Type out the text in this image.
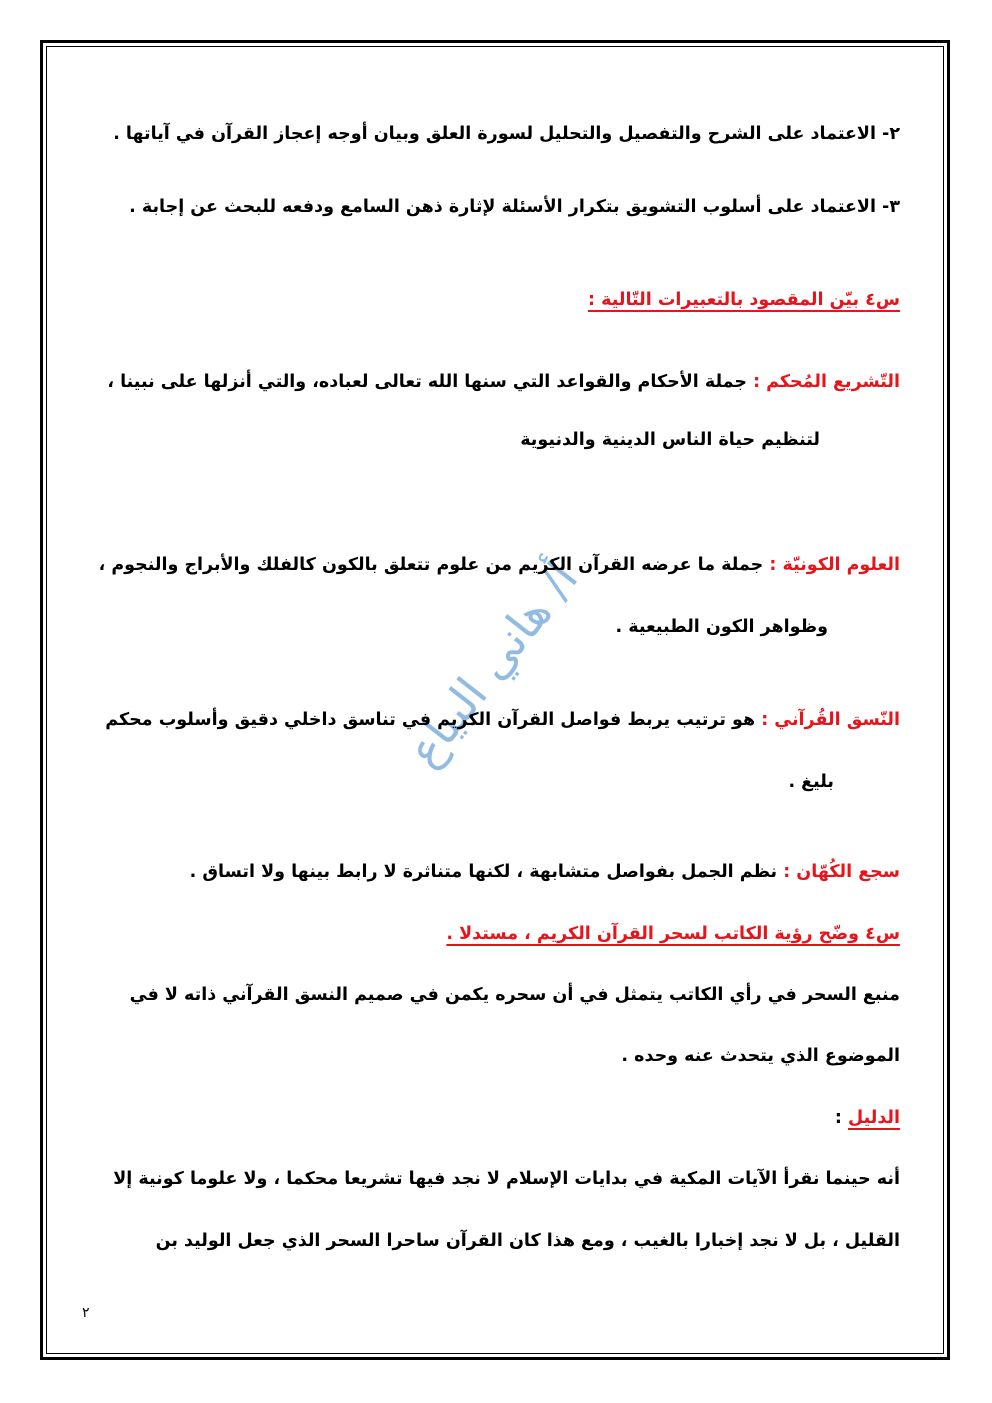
أ/ هاني البياع
٢- الاعتماد على الشرح والتفصيل والتحليل لسورة العلق وبيان أوجه إعجاز القرآن في آياتها .
٣- الاعتماد على أسلوب التشويق بتكرار الأسئلة لإثارة ذهن السامع ودفعه للبحث عن إجابة .
س٤ بيّن المقصود بالتعبيرات التّالية :
التّشريع المُحكم : جملة الأحكام والقواعد التي سنها الله تعالى لعباده، والتي أنزلها على نبينا ،
لتنظيم حياة الناس الدينية والدنيوية
العلوم الكونيّة : جملة ما عرضه القرآن الكريم من علوم تتعلق بالكون كالفلك والأبراج والنجوم ،
وظواهر الكون الطبيعية .
النّسق القُرآني : هو ترتيب يربط فواصل القرآن الكريم في تناسق داخلي دقيق وأسلوب محكم
بليغ .
سجع الكُهّان : نظم الجمل بفواصل متشابهة ، لكنها متناثرة لا رابط بينها ولا اتساق .
س٤ وضّح رؤية الكاتب لسحر القرآن الكريم ، مستدلا .
منبع السحر في رأي الكاتب يتمثل في أن سحره يكمن في صميم النسق القرآني ذاته لا في
الموضوع الذي يتحدث عنه وحده .
الدليل :
أنه حينما نقرأ الآيات المكية في بدايات الإسلام لا نجد فيها تشريعا محكما ، ولا علوما كونية إلا
القليل ، بل لا نجد إخبارا بالغيب ، ومع هذا كان القرآن ساحرا السحر الذي جعل الوليد بن
٢
